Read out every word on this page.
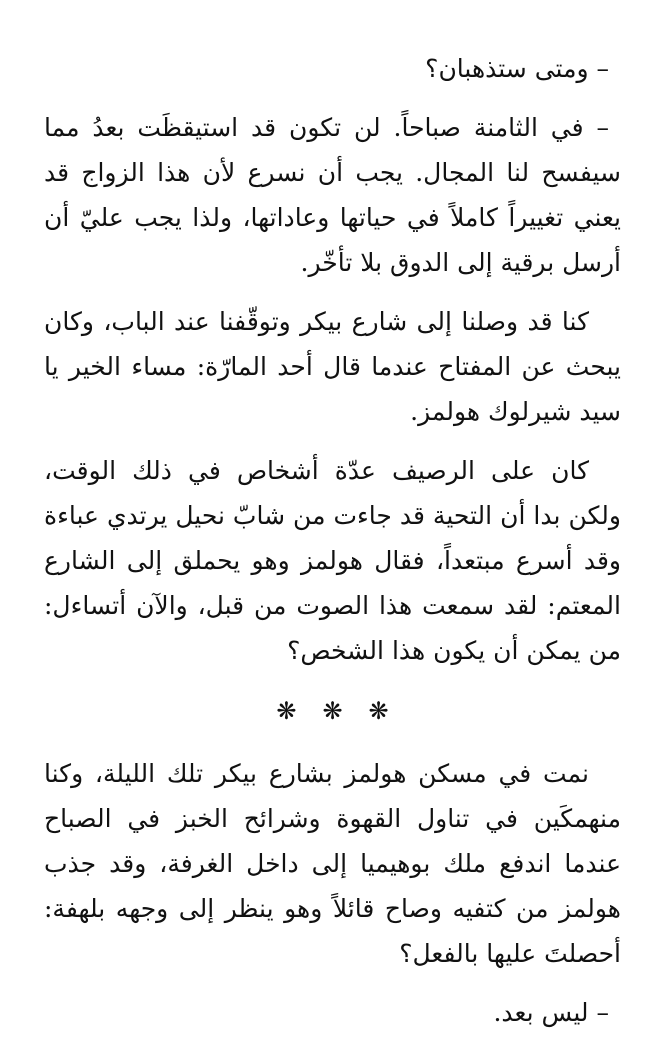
– ومتى ستذهبان؟

– في الثامنة صباحاً. لن تكون قد استيقظَت بعدُ مما سيفسح لنا المجال. يجب أن نسرع لأن هذا الزواج قد يعني تغييراً كاملاً في حياتها وعاداتها، ولذا يجب عليّ أن أرسل برقية إلى الدوق بلا تأخّر.

كنا قد وصلنا إلى شارع بيكر وتوقّفنا عند الباب، وكان يبحث عن المفتاح عندما قال أحد المارّة: مساء الخير يا سيد شيرلوك هولمز.

كان على الرصيف عدّة أشخاص في ذلك الوقت، ولكن بدا أن التحية قد جاءت من شابّ نحيل يرتدي عباءة وقد أسرع مبتعداً، فقال هولمز وهو يحملق إلى الشارع المعتم: لقد سمعت هذا الصوت من قبل، والآن أتساءل: من يمكن أن يكون هذا الشخص؟

❋❋❋

نمت في مسكن هولمز بشارع بيكر تلك الليلة، وكنا منهمكَين في تناول القهوة وشرائح الخبز في الصباح عندما اندفع ملك بوهيميا إلى داخل الغرفة، وقد جذب هولمز من كتفيه وصاح قائلاً وهو ينظر إلى وجهه بلهفة: أحصلتَ عليها بالفعل؟

– ليس بعد.
